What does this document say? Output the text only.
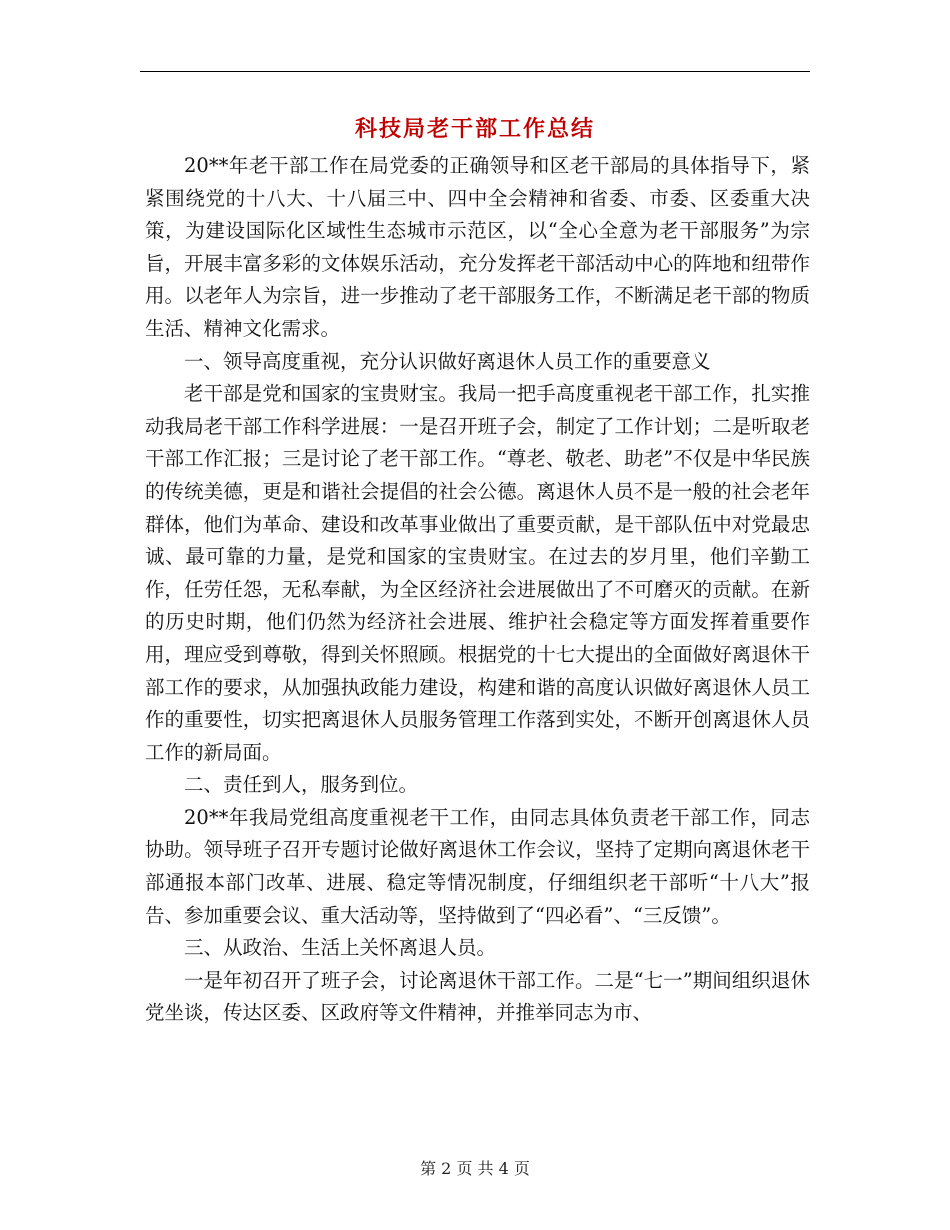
科技局老干部工作总结

20**年老干部工作在局党委的正确领导和区老干部局的具体指导下，紧紧围绕党的十八大、十八届三中、四中全会精神和省委、市委、区委重大决策，为建设国际化区域性生态城市示范区，以“全心全意为老干部服务”为宗旨，开展丰富多彩的文体娱乐活动，充分发挥老干部活动中心的阵地和纽带作用。以老年人为宗旨，进一步推动了老干部服务工作，不断满足老干部的物质生活、精神文化需求。

一、领导高度重视，充分认识做好离退休人员工作的重要意义

老干部是党和国家的宝贵财宝。我局一把手高度重视老干部工作，扎实推动我局老干部工作科学进展：一是召开班子会，制定了工作计划；二是听取老干部工作汇报；三是讨论了老干部工作。“尊老、敬老、助老”不仅是中华民族的传统美德，更是和谐社会提倡的社会公德。离退休人员不是一般的社会老年群体，他们为革命、建设和改革事业做出了重要贡献，是干部队伍中对党最忠诚、最可靠的力量，是党和国家的宝贵财宝。在过去的岁月里，他们辛勤工作，任劳任怨，无私奉献，为全区经济社会进展做出了不可磨灭的贡献。在新的历史时期，他们仍然为经济社会进展、维护社会稳定等方面发挥着重要作用，理应受到尊敬，得到关怀照顾。根据党的十七大提出的全面做好离退休干部工作的要求，从加强执政能力建设，构建和谐的高度认识做好离退休人员工作的重要性，切实把离退休人员服务管理工作落到实处，不断开创离退休人员工作的新局面。

二、责任到人，服务到位。

20**年我局党组高度重视老干工作，由同志具体负责老干部工作，同志协助。领导班子召开专题讨论做好离退休工作会议，坚持了定期向离退休老干部通报本部门改革、进展、稳定等情况制度，仔细组织老干部听“十八大”报告、参加重要会议、重大活动等，坚持做到了“四必看”、“三反馈”。

三、从政治、生活上关怀离退人员。

一是年初召开了班子会，讨论离退休干部工作。二是“七一”期间组织退休党坐谈，传达区委、区政府等文件精神，并推举同志为市、

第 2 页 共 4 页
